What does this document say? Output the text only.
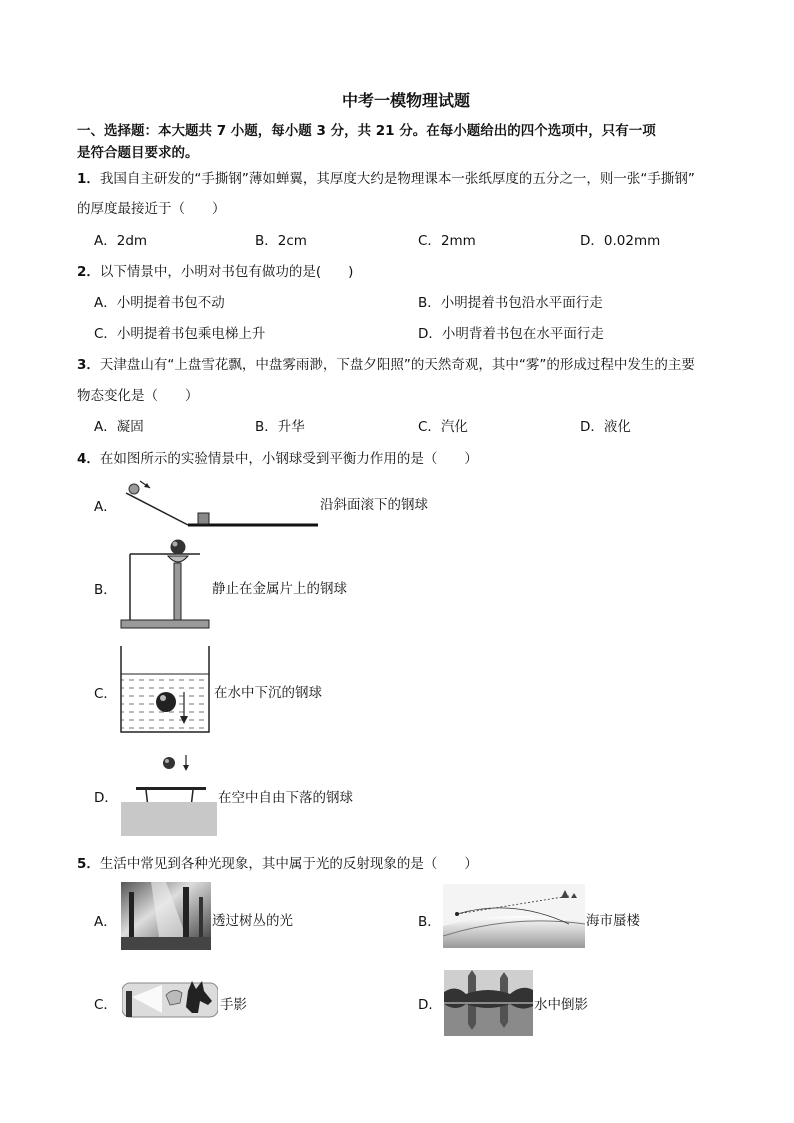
中考一模物理试题
一、选择题：本大题共 7 小题，每小题 3 分，共 21 分。在每小题给出的四个选项中，只有一项
是符合题目要求的。
1．我国自主研发的“手撕钢”薄如蝉翼，其厚度大约是物理课本一张纸厚度的五分之一，则一张“手撕钢”
的厚度最接近于（　　）
A．2dm	B．2cm	C．2mm	D．0.02mm
2．以下情景中，小明对书包有做功的是(　　)
A．小明提着书包不动	B．小明提着书包沿水平面行走
C．小明提着书包乘电梯上升	D．小明背着书包在水平面行走
3．天津盘山有“上盘雪花飘，中盘雾雨渺，下盘夕阳照”的天然奇观，其中“雾”的形成过程中发生的主要
物态变化是（　　）
A．凝固	B．升华	C．汽化	D．液化
4．在如图所示的实验情景中，小钢球受到平衡力作用的是（　　）
A．	沿斜面滚下的钢球
B．	静止在金属片上的钢球
C．	在水中下沉的钢球
D．	在空中自由下落的钢球
5．生活中常见到各种光现象，其中属于光的反射现象的是（　　）
A．	透过树丛的光	B．	海市蜃楼
C．	手影	D．	水中倒影
